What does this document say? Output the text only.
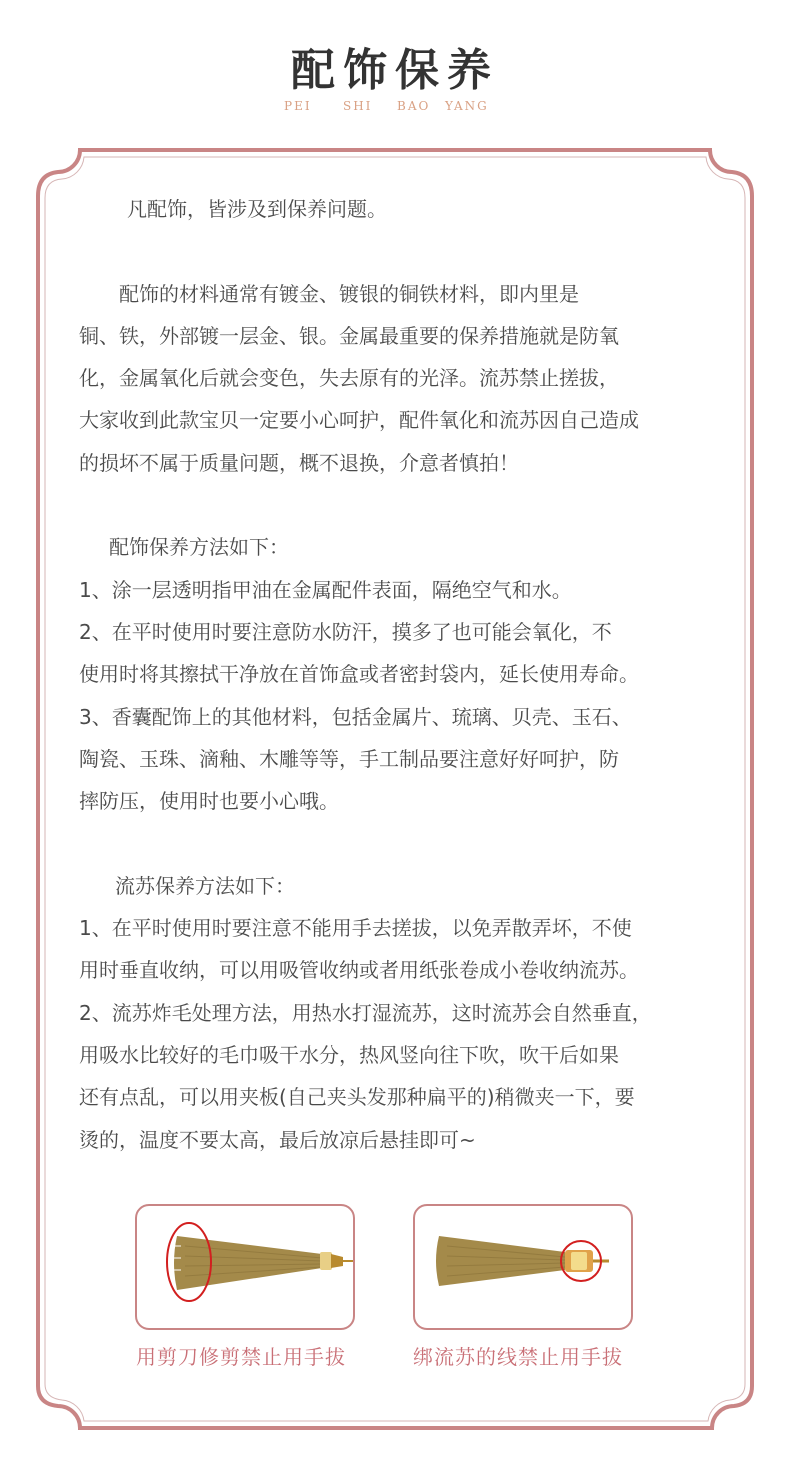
配饰保养
PEI	SHI BAO YANG

凡配饰，皆涉及到保养问题。

配饰的材料通常有镀金、镀银的铜铁材料，即内里是

铜、铁，外部镀一层金、银。金属最重要的保养措施就是防氧

化，金属氧化后就会变色，失去原有的光泽。流苏禁止搓拔，

大家收到此款宝贝一定要小心呵护，配件氧化和流苏因自己造成

的损坏不属于质量问题，概不退换，介意者慎拍！

配饰保养方法如下：

1、涂一层透明指甲油在金属配件表面，隔绝空气和水。

2、在平时使用时要注意防水防汗，摸多了也可能会氧化，不

使用时将其擦拭干净放在首饰盒或者密封袋内，延长使用寿命。

3、香囊配饰上的其他材料，包括金属片、琉璃、贝壳、玉石、

陶瓷、玉珠、滴釉、木雕等等，手工制品要注意好好呵护，防

摔防压，使用时也要小心哦。

流苏保养方法如下：

1、在平时使用时要注意不能用手去搓拔，以免弄散弄坏，不使

用时垂直收纳，可以用吸管收纳或者用纸张卷成小卷收纳流苏。

2、流苏炸毛处理方法，用热水打湿流苏，这时流苏会自然垂直，

用吸水比较好的毛巾吸干水分，热风竖向往下吹，吹干后如果

还有点乱，可以用夹板(自己夹头发那种扁平的)稍微夹一下，要

烫的，温度不要太高，最后放凉后悬挂即可~

用剪刀修剪禁止用手拔	绑流苏的线禁止用手拔
